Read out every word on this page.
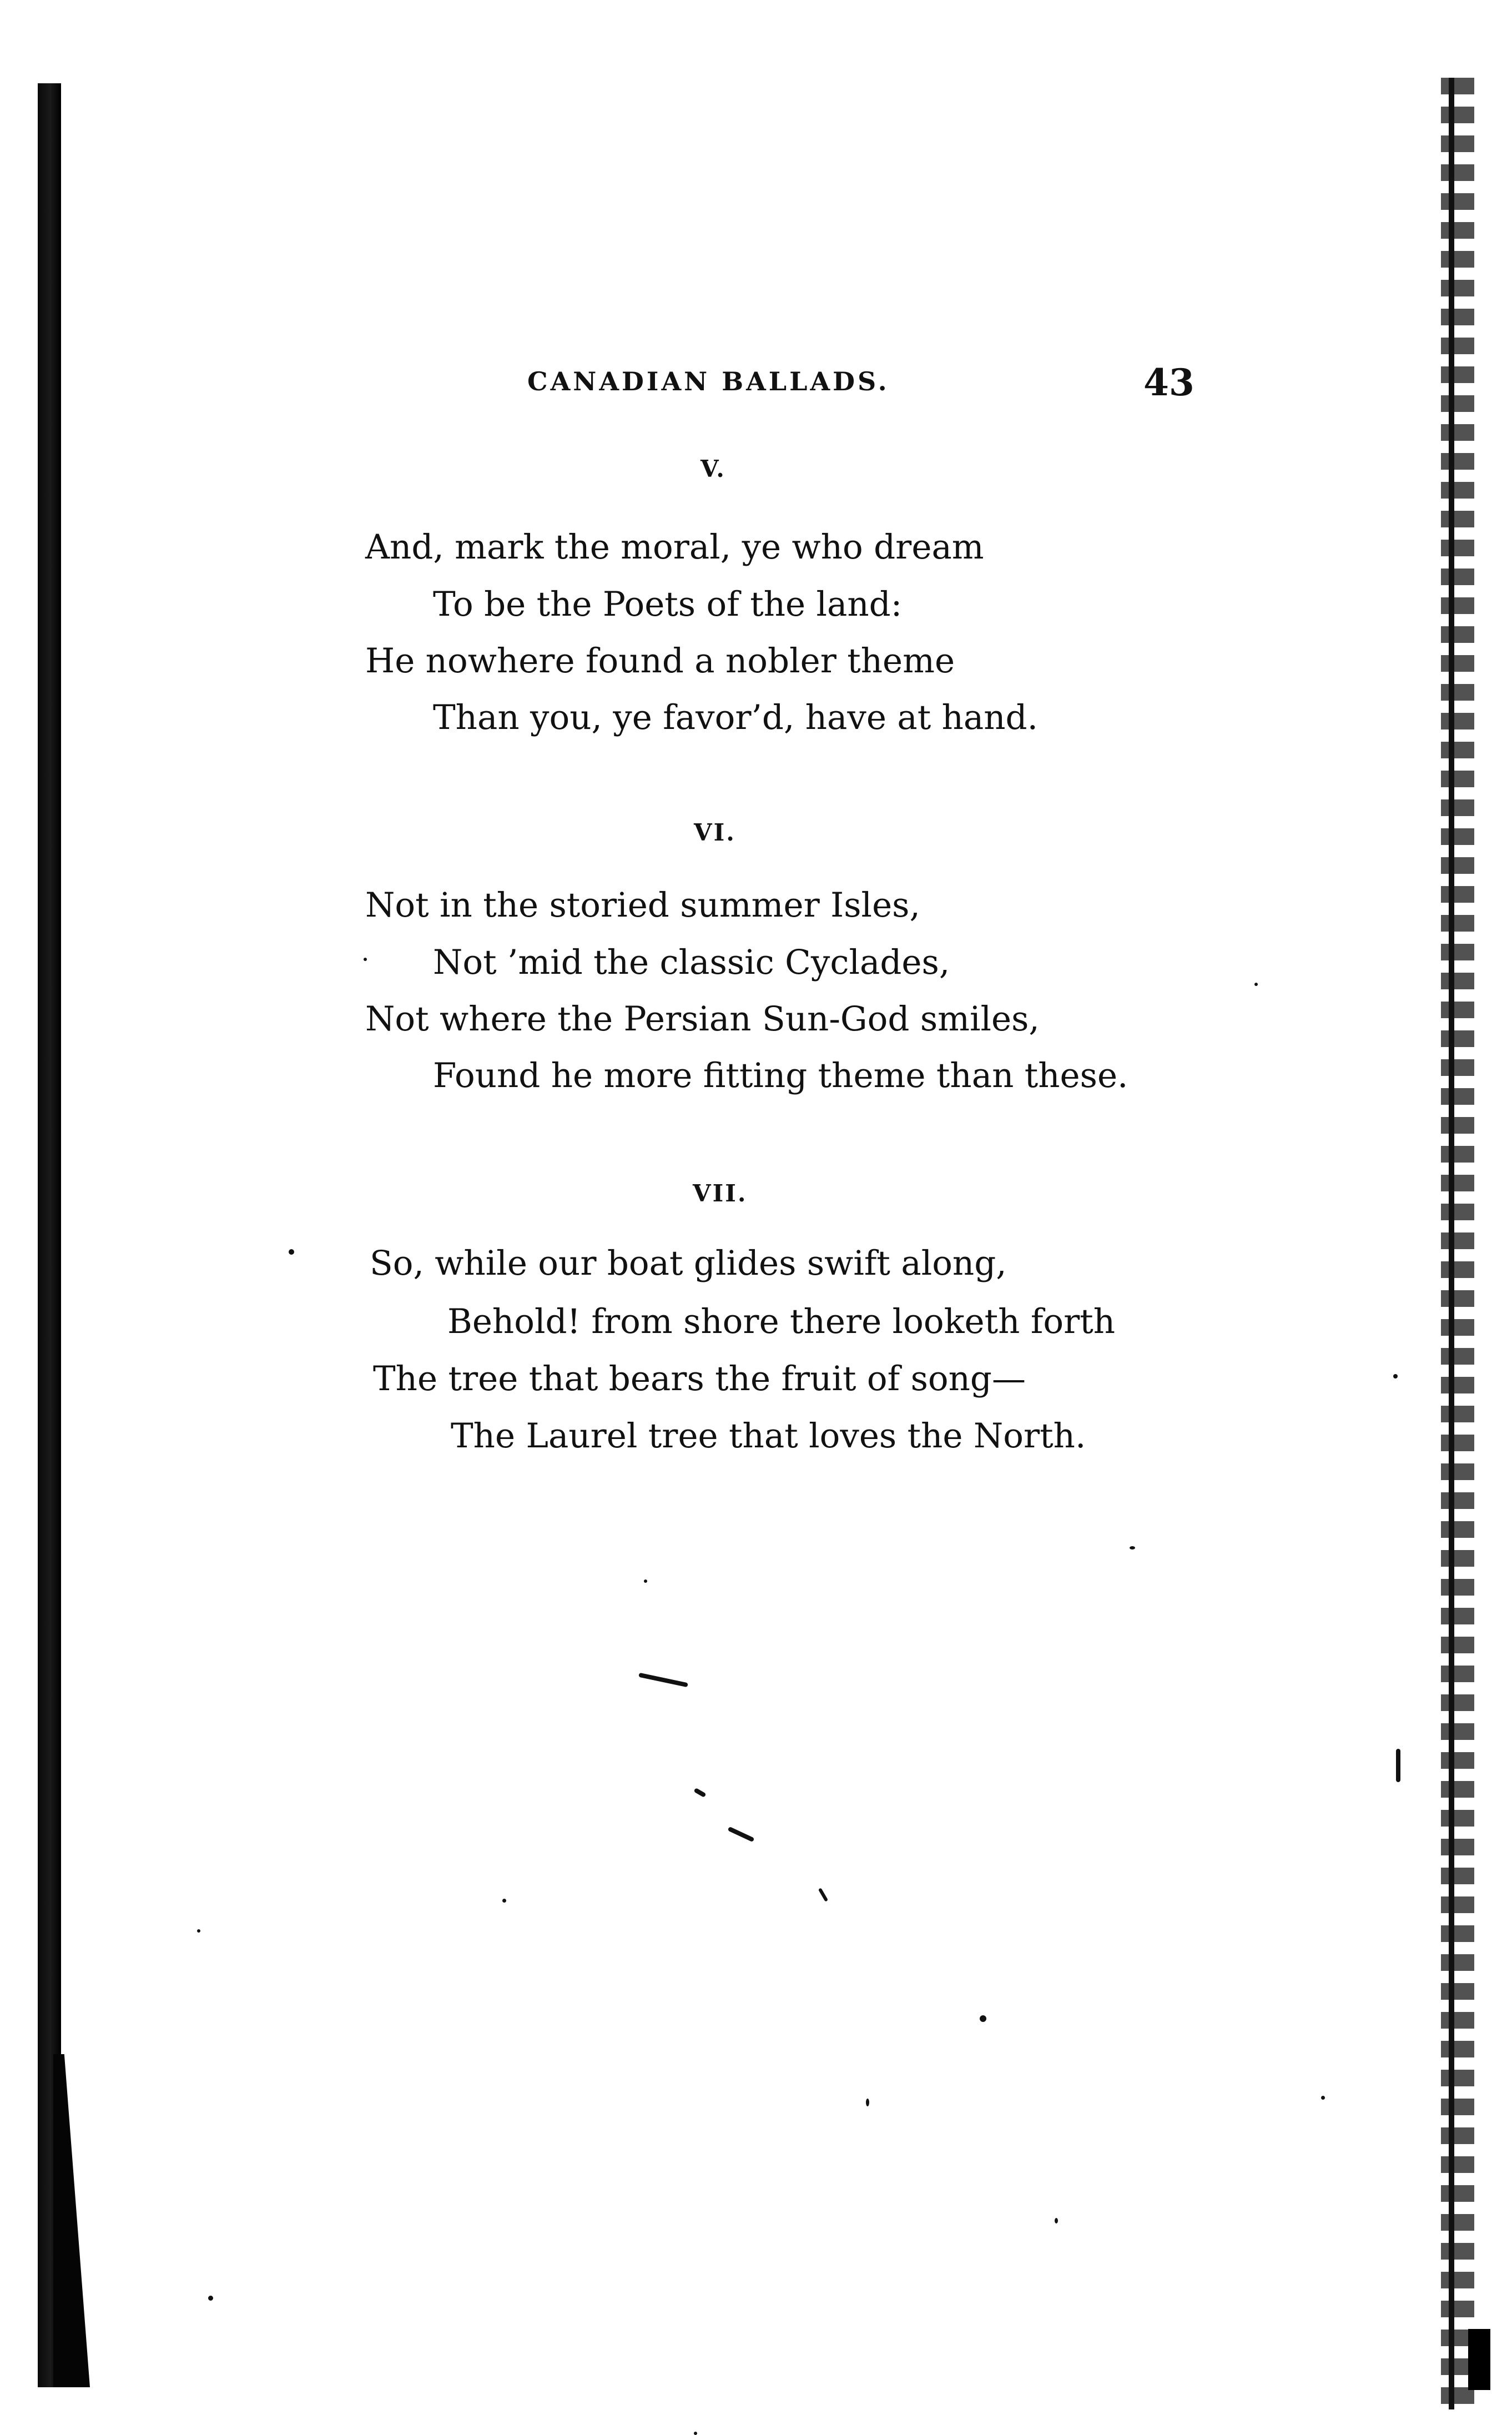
CANADIAN BALLADS.	43
V.
And, mark the moral, ye who dream
To be the Poets of the land:
He nowhere found a nobler theme
Than you, ye favor’d, have at hand.
VI.
Not in the storied summer Isles,
Not ’mid the classic Cyclades,
Not where the Persian Sun-God smiles,
Found he more fitting theme than these.
VII.
So, while our boat glides swift along,
Behold! from shore there looketh forth
The tree that bears the fruit of song—
The Laurel tree that loves the North.
